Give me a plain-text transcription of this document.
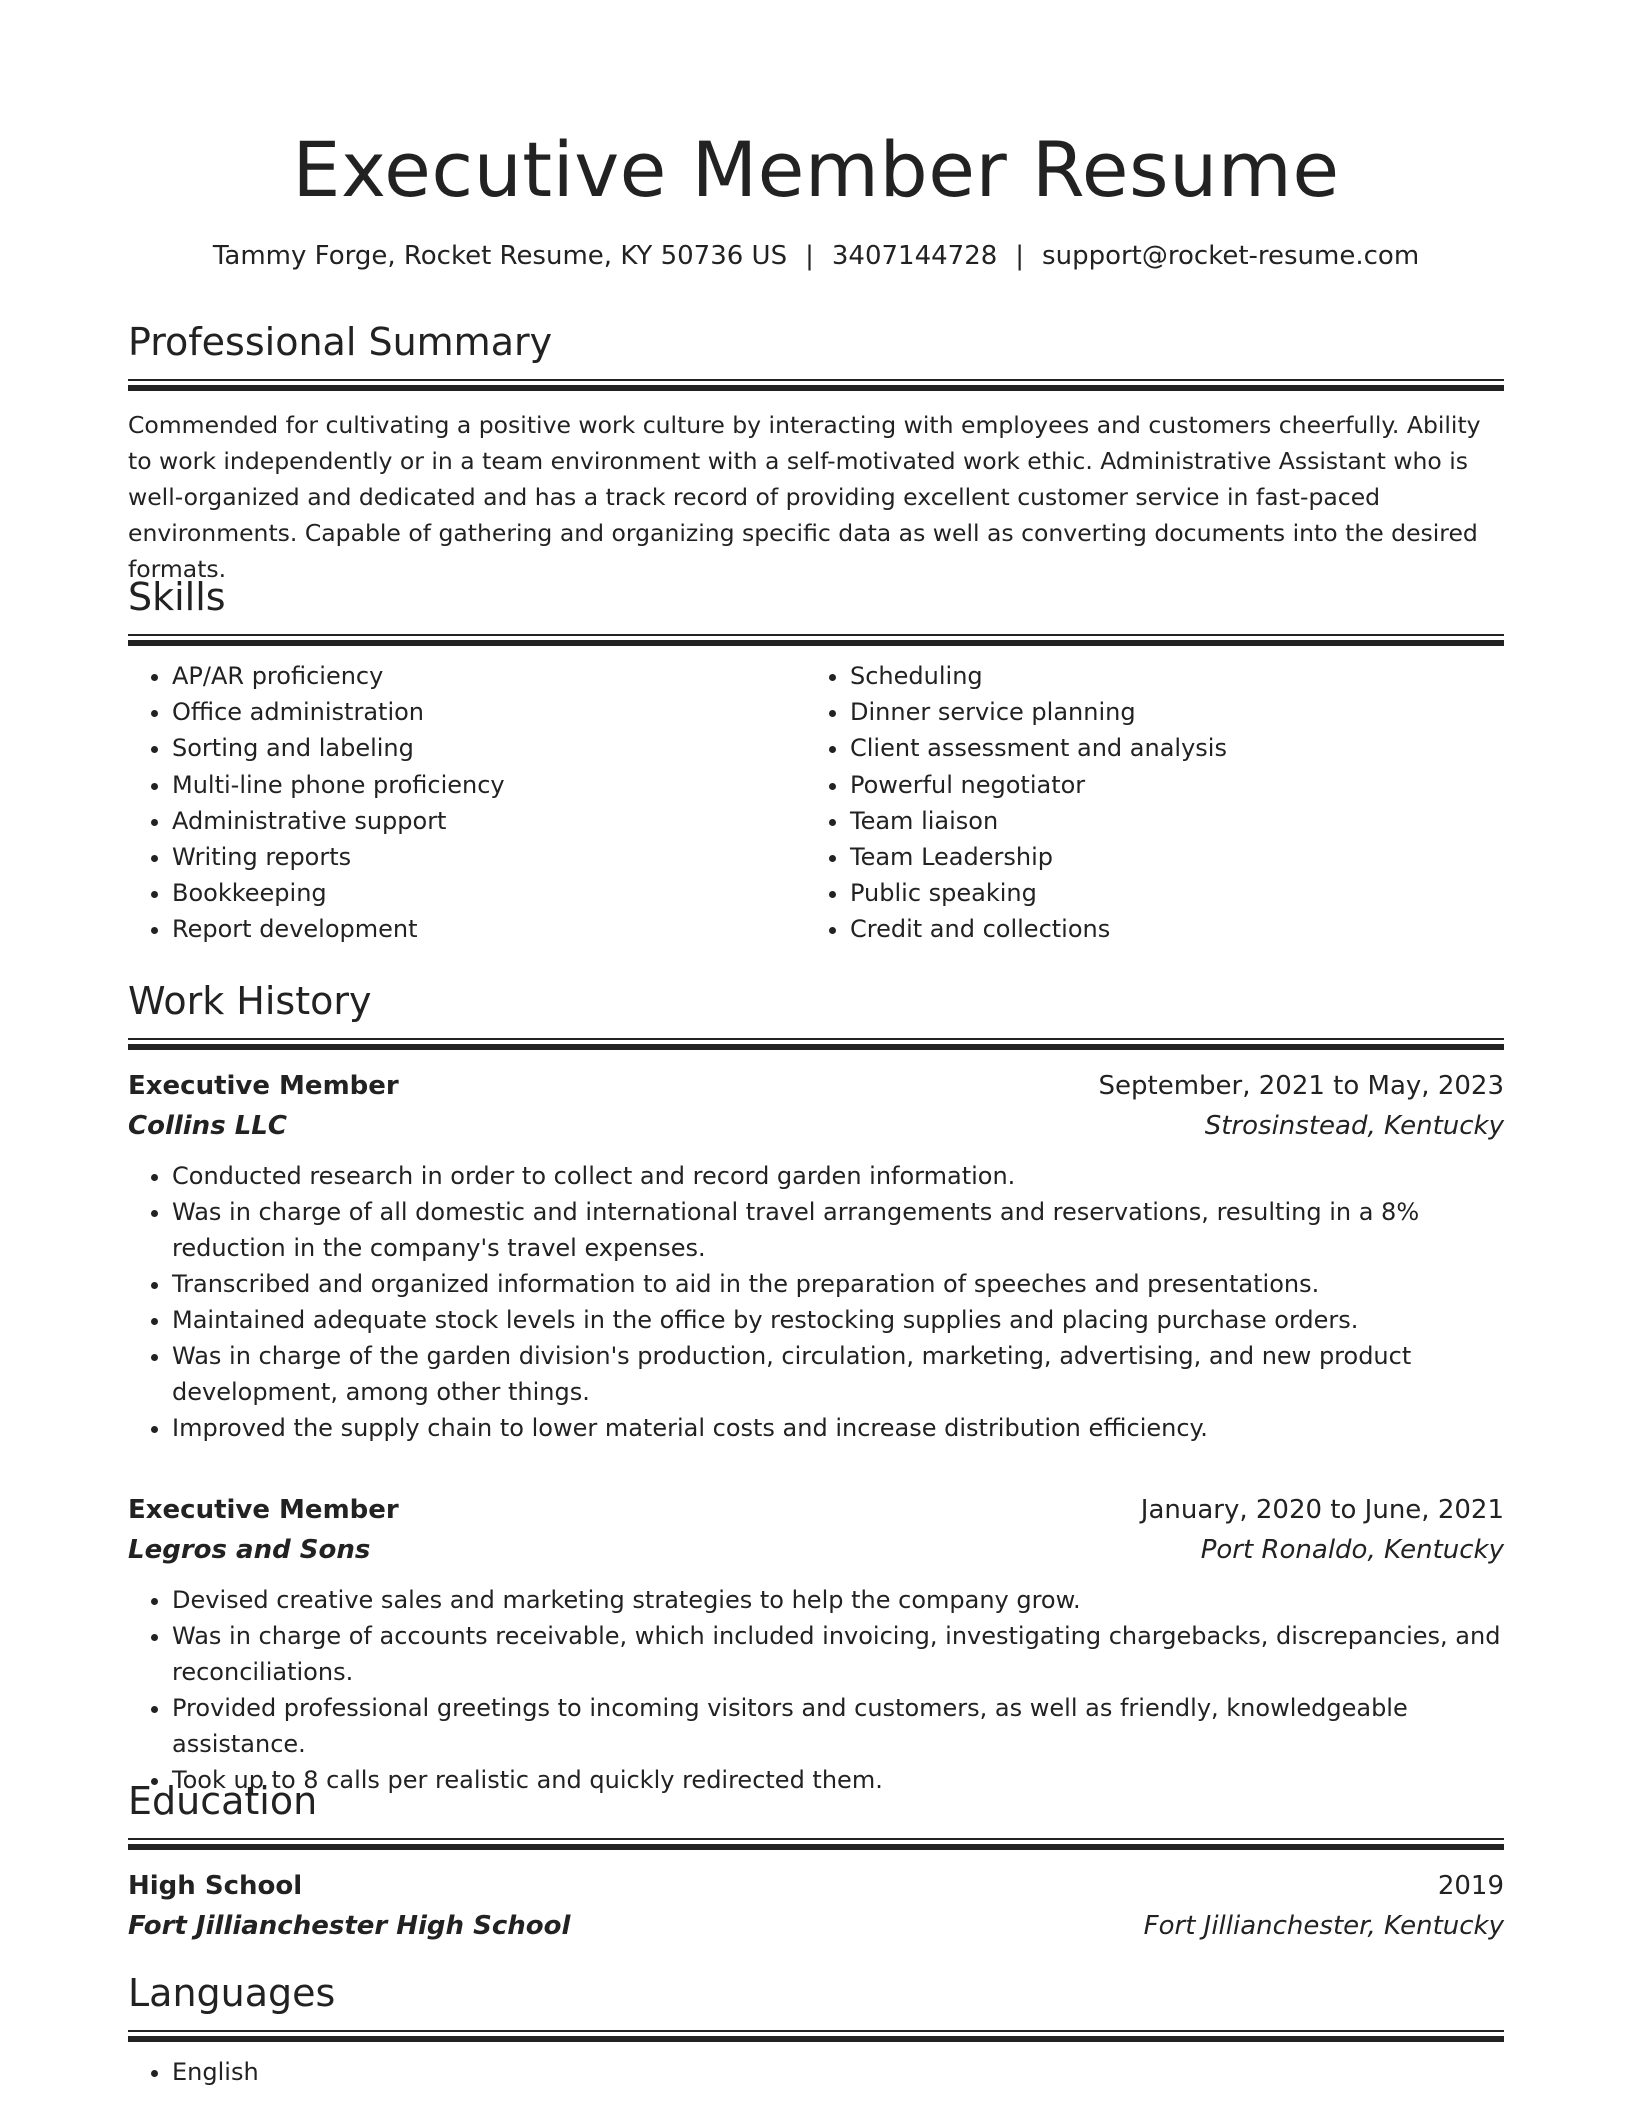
Executive Member Resume
Tammy Forge, Rocket Resume, KY 50736 US | 3407144728 | support@rocket-resume.com
Professional Summary

Commended for cultivating a positive work culture by interacting with employees and customers cheerfully. Ability to work independently or in a team environment with a self-motivated work ethic. Administrative Assistant who is well-organized and dedicated and has a track record of providing excellent customer service in fast-paced environments. Capable of gathering and organizing specific data as well as converting documents into the desired formats.

Skills
• AP/AR proficiency
• Office administration
• Sorting and labeling
• Multi-line phone proficiency
• Administrative support
• Writing reports
• Bookkeeping
• Report development
• Scheduling
• Dinner service planning
• Client assessment and analysis
• Powerful negotiator
• Team liaison
• Team Leadership
• Public speaking
• Credit and collections
Work History
Executive Member	September, 2021 to May, 2023
Collins LLC	Strosinstead, Kentucky
• Conducted research in order to collect and record garden information.
• Was in charge of all domestic and international travel arrangements and reservations, resulting in a 8% reduction in the company's travel expenses.
• Transcribed and organized information to aid in the preparation of speeches and presentations.
• Maintained adequate stock levels in the office by restocking supplies and placing purchase orders.
• Was in charge of the garden division's production, circulation, marketing, advertising, and new product development, among other things.
• Improved the supply chain to lower material costs and increase distribution efficiency.
Executive Member	January, 2020 to June, 2021
Legros and Sons	Port Ronaldo, Kentucky
• Devised creative sales and marketing strategies to help the company grow.
• Was in charge of accounts receivable, which included invoicing, investigating chargebacks, discrepancies, and reconciliations.
• Provided professional greetings to incoming visitors and customers, as well as friendly, knowledgeable assistance.
• Took up to 8 calls per realistic and quickly redirected them.
Education
High School	2019
Fort Jillianchester High School	Fort Jillianchester, Kentucky
Languages
• English
